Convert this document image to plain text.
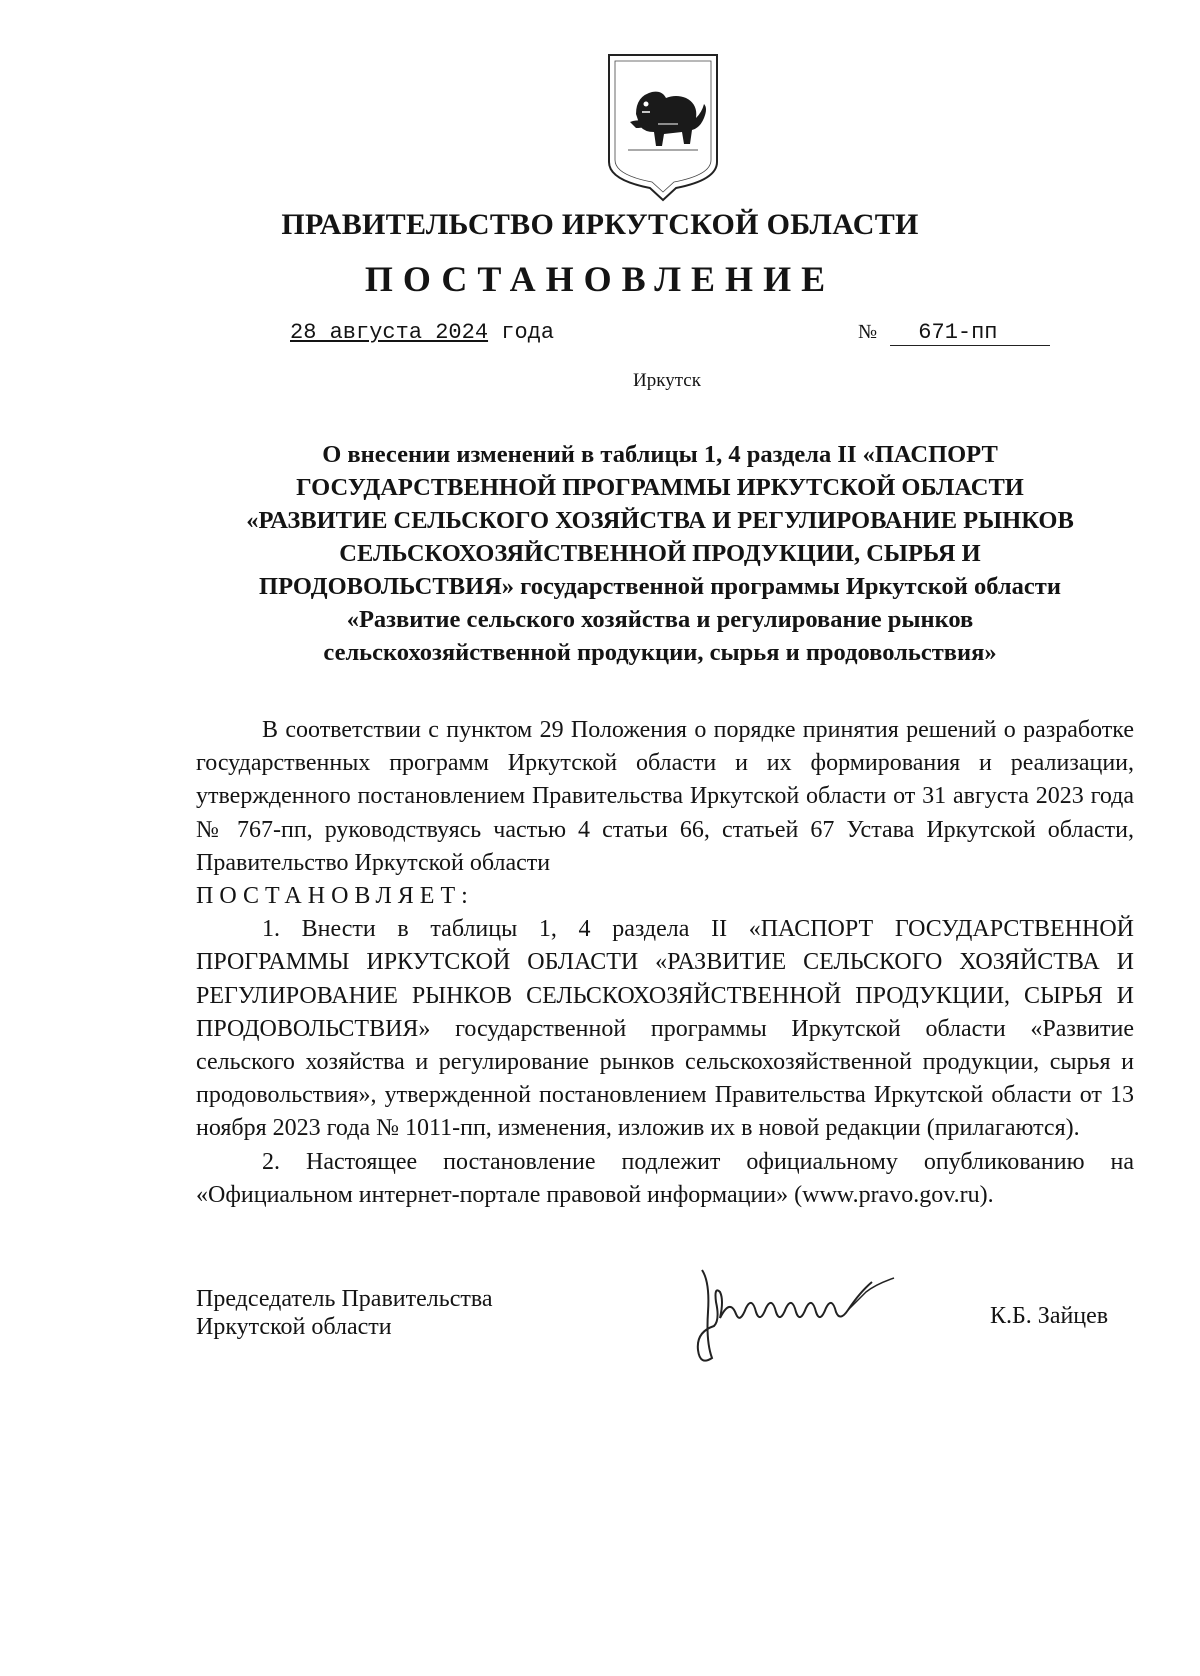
ПРАВИТЕЛЬСТВО ИРКУТСКОЙ ОБЛАСТИ
ПОСТАНОВЛЕНИЕ
28 августа 2024 года	№ 671-пп
Иркутск
О внесении изменений в таблицы 1, 4 раздела II «ПАСПОРТ
ГОСУДАРСТВЕННОЙ ПРОГРАММЫ ИРКУТСКОЙ ОБЛАСТИ
«РАЗВИТИЕ СЕЛЬСКОГО ХОЗЯЙСТВА И РЕГУЛИРОВАНИЕ РЫНКОВ
СЕЛЬСКОХОЗЯЙСТВЕННОЙ ПРОДУКЦИИ, СЫРЬЯ И
ПРОДОВОЛЬСТВИЯ» государственной программы Иркутской области
«Развитие сельского хозяйства и регулирование рынков
сельскохозяйственной продукции, сырья и продовольствия»

В соответствии с пунктом 29 Положения о порядке принятия решений о разработке государственных программ Иркутской области и их формирования и реализации, утвержденного постановлением Правительства Иркутской области от 31 августа 2023 года № 767-пп, руководствуясь частью 4 статьи 66, статьей 67 Устава Иркутской области, Правительство Иркутской области

ПОСТАНОВЛЯЕТ:

1. Внести в таблицы 1, 4 раздела II «ПАСПОРТ ГОСУДАРСТВЕННОЙ ПРОГРАММЫ ИРКУТСКОЙ ОБЛАСТИ «РАЗВИТИЕ СЕЛЬСКОГО ХОЗЯЙСТВА И РЕГУЛИРОВАНИЕ РЫНКОВ СЕЛЬСКОХОЗЯЙСТВЕННОЙ ПРОДУКЦИИ, СЫРЬЯ И ПРОДОВОЛЬСТВИЯ» государственной программы Иркутской области «Развитие сельского хозяйства и регулирование рынков сельскохозяйственной продукции, сырья и продовольствия», утвержденной постановлением Правительства Иркутской области от 13 ноября 2023 года № 1011-пп, изменения, изложив их в новой редакции (прилагаются).

2. Настоящее постановление подлежит официальному опубликованию на «Официальном интернет-портале правовой информации» (www.pravo.gov.ru).

Председатель Правительства
Иркутской области	К.Б. Зайцев
